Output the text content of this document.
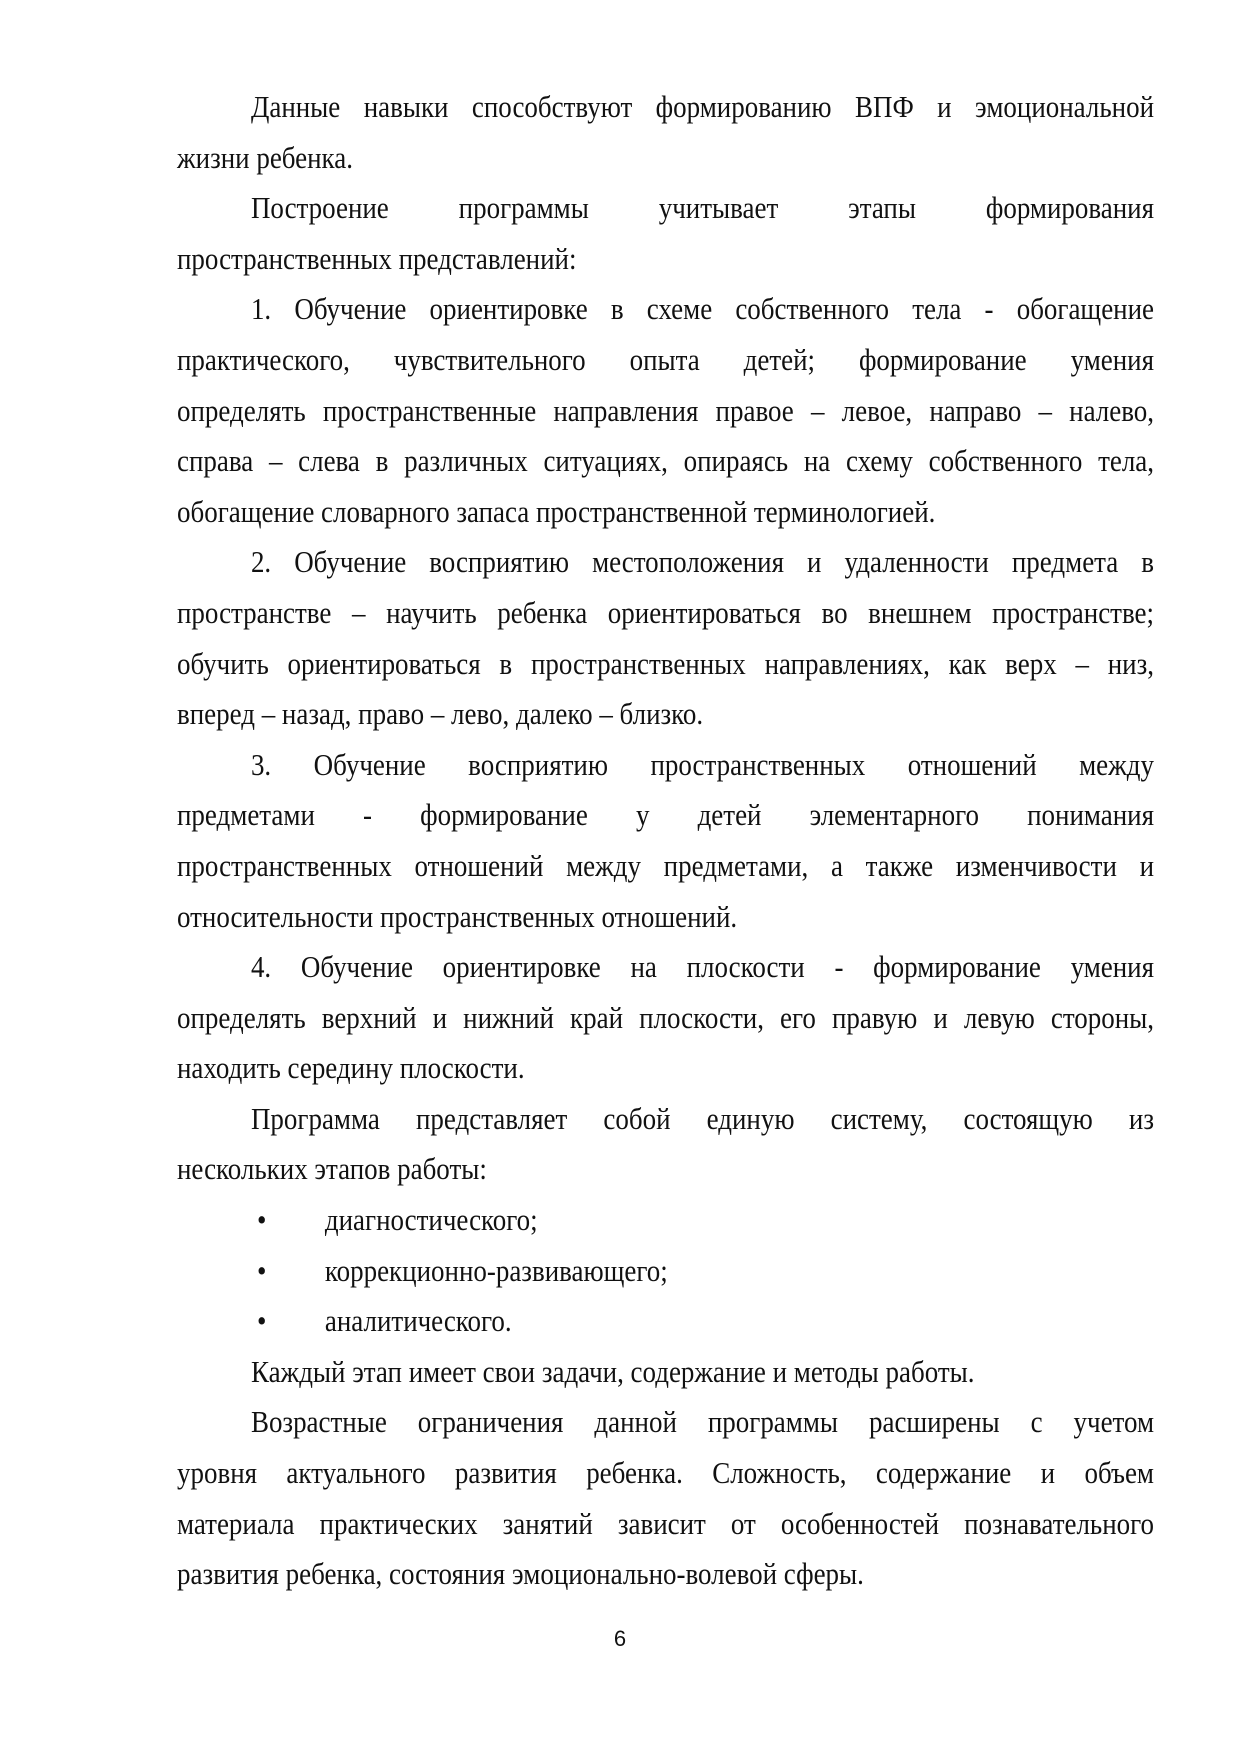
Данные навыки способствуют формированию ВПФ и эмоциональной
жизни ребенка.
Построение программы учитывает этапы формирования
пространственных представлений:
1. Обучение ориентировке в схеме собственного тела - обогащение
практического, чувствительного опыта детей; формирование умения
определять пространственные направления правое – левое, направо – налево,
справа – слева в различных ситуациях, опираясь на схему собственного тела,
обогащение словарного запаса пространственной терминологией.
2. Обучение восприятию местоположения и удаленности предмета в
пространстве – научить ребенка ориентироваться во внешнем пространстве;
обучить ориентироваться в пространственных направлениях, как верх – низ,
вперед – назад, право – лево, далеко – близко.
3. Обучение восприятию пространственных отношений между
предметами - формирование у детей элементарного понимания
пространственных отношений между предметами, а также изменчивости и
относительности пространственных отношений.
4. Обучение ориентировке на плоскости - формирование умения
определять верхний и нижний край плоскости, его правую и левую стороны,
находить середину плоскости.
Программа представляет собой единую систему, состоящую из
нескольких этапов работы:
• диагностического;
• коррекционно-развивающего;
• аналитического.
Каждый этап имеет свои задачи, содержание и методы работы.
Возрастные ограничения данной программы расширены с учетом
уровня актуального развития ребенка. Сложность, содержание и объем
материала практических занятий зависит от особенностей познавательного
развития ребенка, состояния эмоционально-волевой сферы.
6
